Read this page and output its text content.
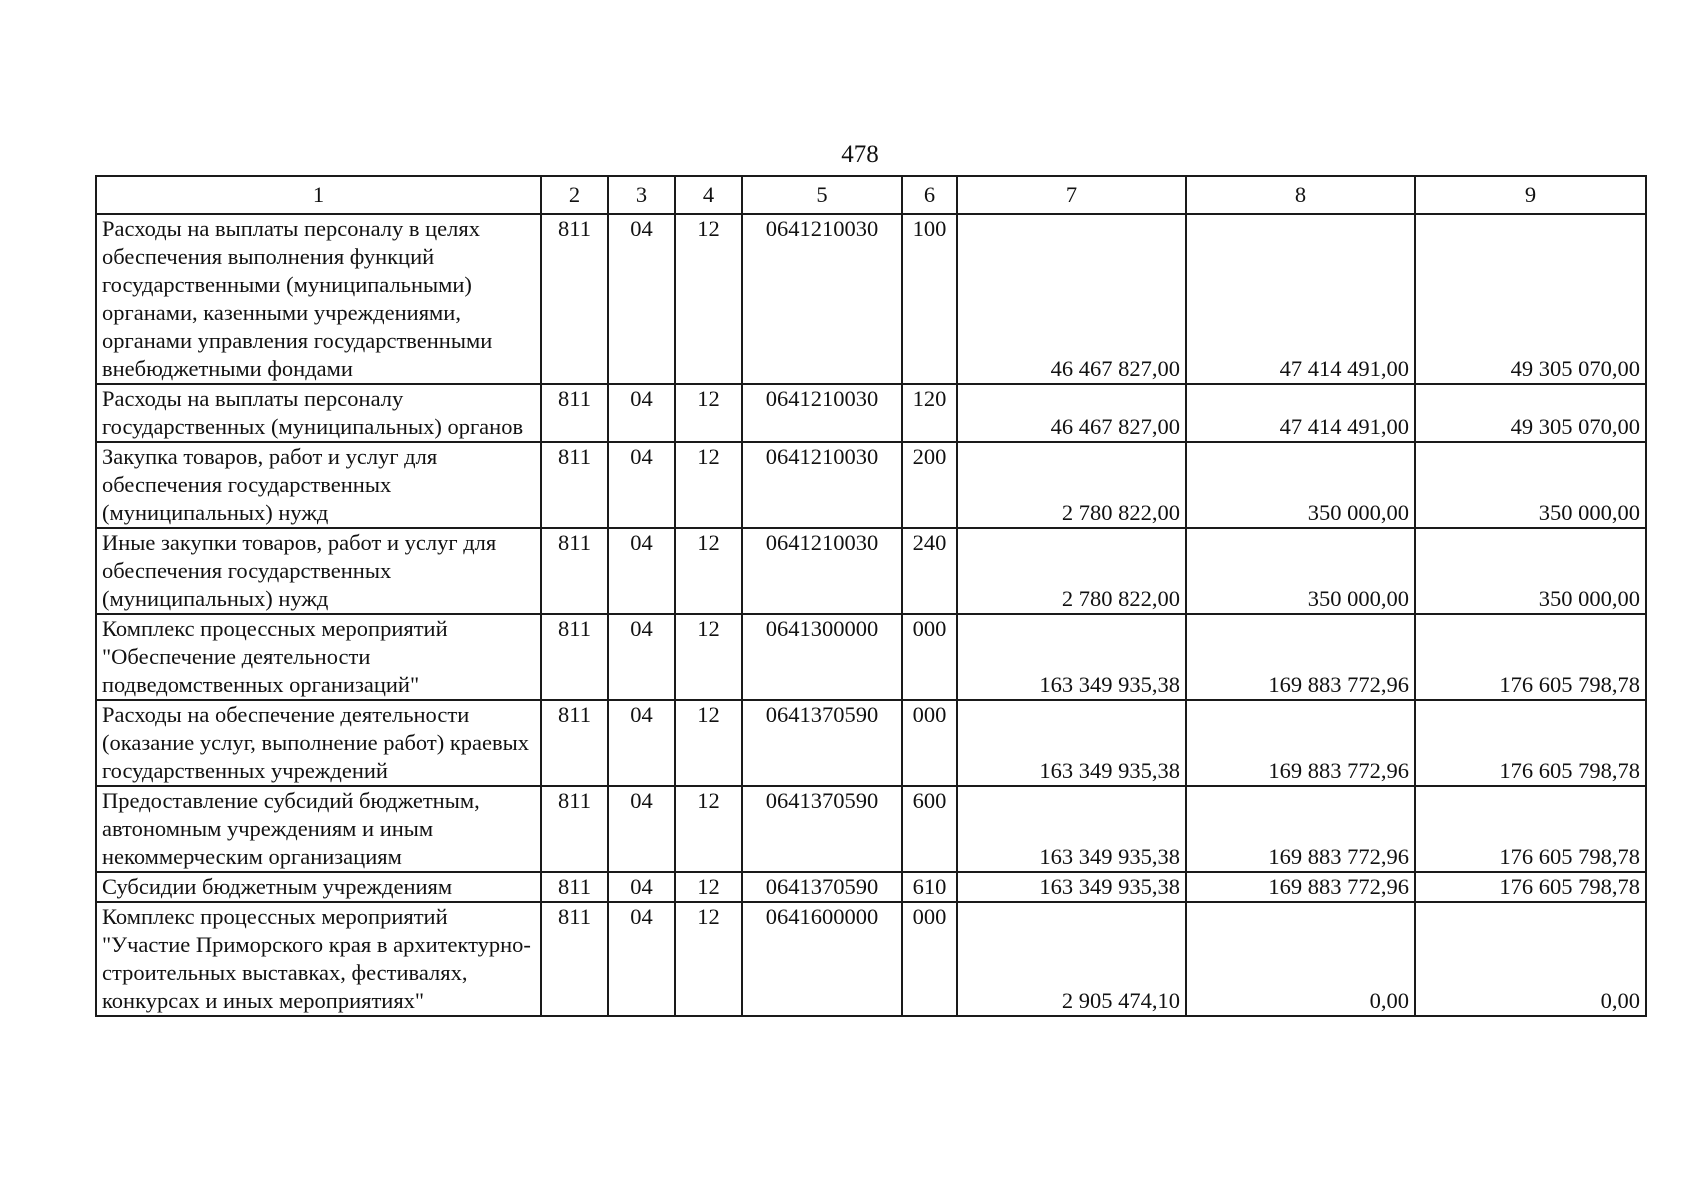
478
1	2	3	4	5	6	7	8	9
Расходы на выплаты персоналу в целях обеспечения выполнения функций государственными (муниципальными) органами, казенными учреждениями, органами управления государственными внебюджетными фондами	811	04	12	0641210030	100	46 467 827,00	47 414 491,00	49 305 070,00
Расходы на выплаты персоналу государственных (муниципальных) органов	811	04	12	0641210030	120	46 467 827,00	47 414 491,00	49 305 070,00
Закупка товаров, работ и услуг для обеспечения государственных (муниципальных) нужд	811	04	12	0641210030	200	2 780 822,00	350 000,00	350 000,00
Иные закупки товаров, работ и услуг для обеспечения государственных (муниципальных) нужд	811	04	12	0641210030	240	2 780 822,00	350 000,00	350 000,00
Комплекс процессных мероприятий "Обеспечение деятельности подведомственных организаций"	811	04	12	0641300000	000	163 349 935,38	169 883 772,96	176 605 798,78
Расходы на обеспечение деятельности (оказание услуг, выполнение работ) краевых государственных учреждений	811	04	12	0641370590	000	163 349 935,38	169 883 772,96	176 605 798,78
Предоставление субсидий бюджетным, автономным учреждениям и иным некоммерческим организациям	811	04	12	0641370590	600	163 349 935,38	169 883 772,96	176 605 798,78
Субсидии бюджетным учреждениям	811	04	12	0641370590	610	163 349 935,38	169 883 772,96	176 605 798,78
Комплекс процессных мероприятий "Участие Приморского края в архитектурно-строительных выставках, фестивалях, конкурсах и иных мероприятиях"	811	04	12	0641600000	000	2 905 474,10	0,00	0,00
